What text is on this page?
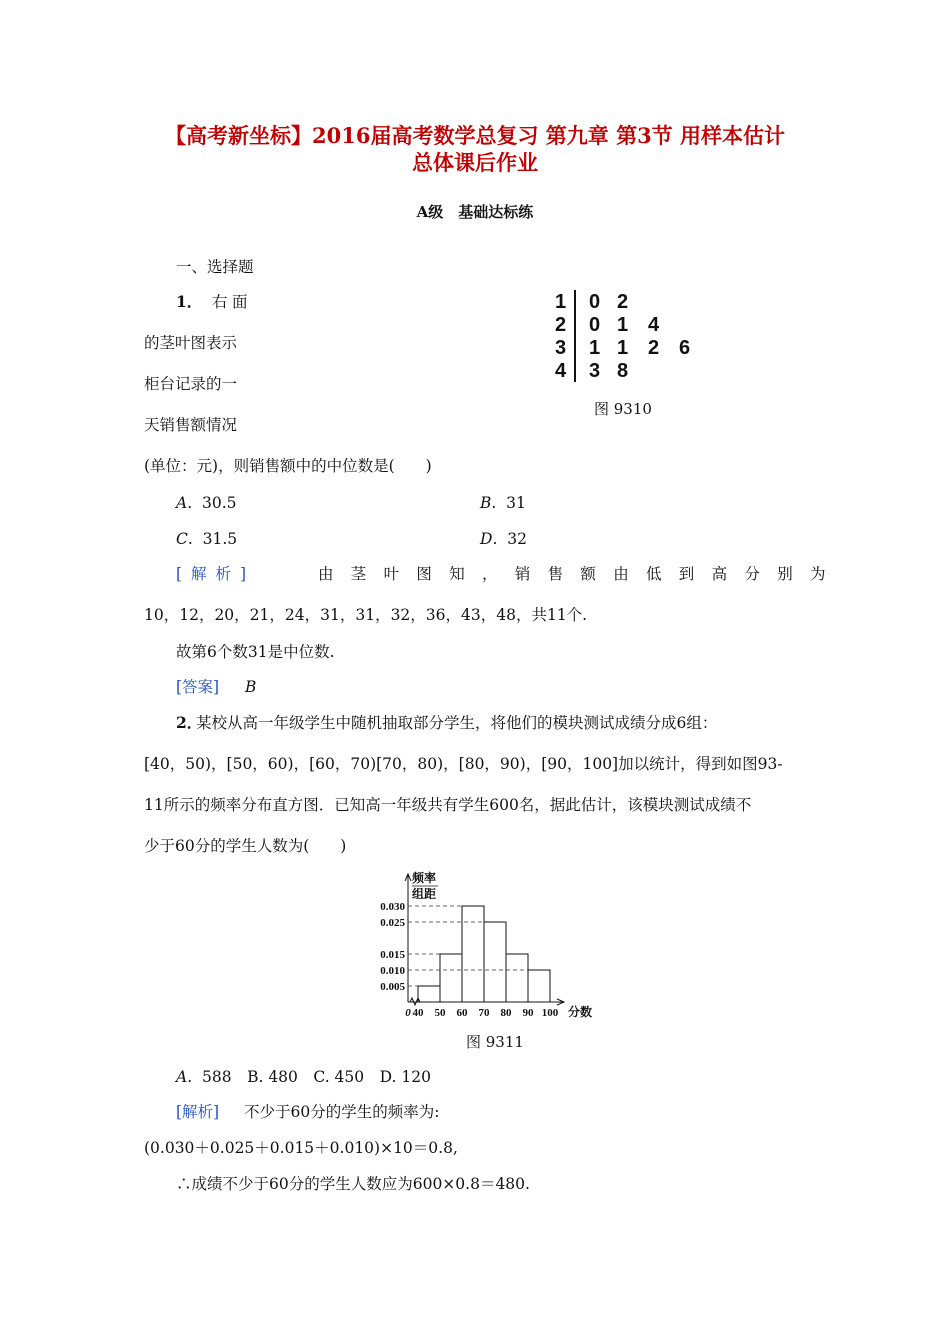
【高考新坐标】2016届高考数学总复习 第九章 第3节 用样本估计
总体课后作业
A级　基础达标练
一、选择题
1． 右 面
的茎叶图表示
柜台记录的一
天销售额情况
(单位：元)，则销售额中的中位数是(　　)
1 0 2
2 0 1 4
3 1 1 2 6
4 3 8
图 9310
A.  30.5	B.  31
C.  31.5	D.  32
[解析]	由茎叶图知，销售额由低到高分别为
10，12，20，21，24，31，31，32，36，43，48，共11个.
故第6个数31是中位数.
[答案] B
2．
某校从高一年级学生中随机抽取部分学生，将他们的模块测试成绩分成6组：
[40，50)，[50，60)，[60，70)[70，80)，[80，90)，[90，100]加以统计，得到如图93-
11所示的频率分布直方图．已知高一年级共有学生600名，据此估计，该模块测试成绩不
少于60分的学生人数为(　　)
0.030
0.025
0.015
0.010
0.005
40 50 60 70 80 90 100
0	分数
频率
组距
图 9311
A. 588　B. 480　C. 450　D. 120
[解析] 不少于60分的学生的频率为:
(0.030＋0.025＋0.015＋0.010)×10＝0.8,
∴成绩不少于60分的学生人数应为600×0.8＝480.
